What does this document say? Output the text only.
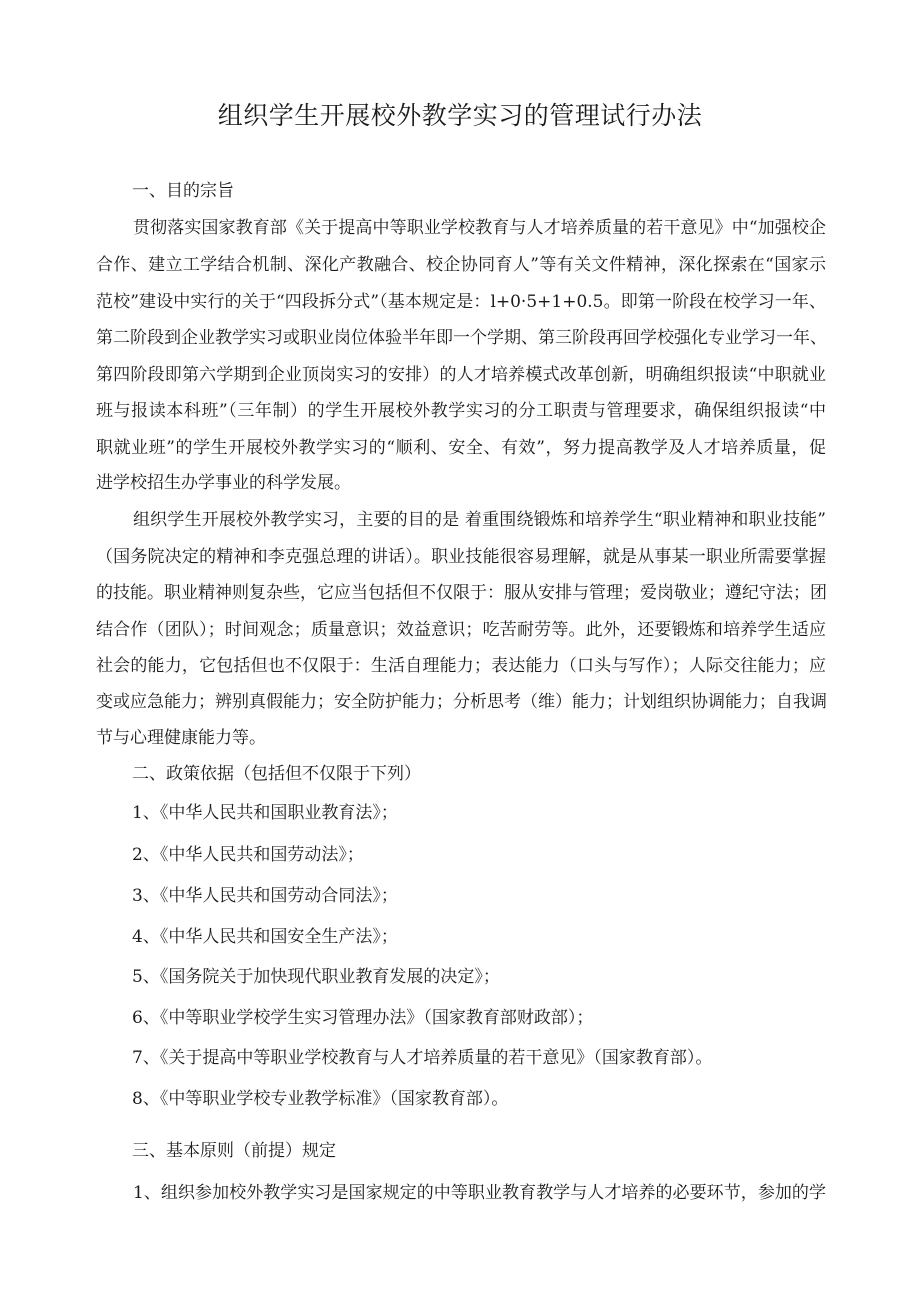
组织学生开展校外教学实习的管理试行办法

一、目的宗旨

贯彻落实国家教育部《关于提高中等职业学校教育与人才培养质量的若干意见》中“加强校企

合作、建立工学结合机制、深化产教融合、校企协同育人”等有关文件精神，深化探索在“国家示

范校”建设中实行的关于“四段拆分式”（基本规定是：l+0·5+1+0.5。即第一阶段在校学习一年、

第二阶段到企业教学实习或职业岗位体验半年即一个学期、第三阶段再回学校强化专业学习一年、

第四阶段即第六学期到企业顶岗实习的安排）的人才培养模式改革创新，明确组织报读“中职就业

班与报读本科班”（三年制）的学生开展校外教学实习的分工职责与管理要求，确保组织报读“中

职就业班”的学生开展校外教学实习的“顺利、安全、有效”，努力提高教学及人才培养质量，促

进学校招生办学事业的科学发展。

组织学生开展校外教学实习，主要的目的是 着重围绕锻炼和培养学生“职业精神和职业技能”

（国务院决定的精神和李克强总理的讲话）。职业技能很容易理解，就是从事某一职业所需要掌握

的技能。职业精神则复杂些，它应当包括但不仅限于：服从安排与管理；爱岗敬业；遵纪守法；团

结合作（团队）；时间观念；质量意识；效益意识；吃苦耐劳等。此外，还要锻炼和培养学生适应

社会的能力，它包括但也不仅限于：生活自理能力；表达能力（口头与写作）；人际交往能力；应

变或应急能力；辨别真假能力；安全防护能力；分析思考（维）能力；计划组织协调能力；自我调

节与心理健康能力等。

二、政策依据（包括但不仅限于下列）

1、《中华人民共和国职业教育法》；

2、《中华人民共和国劳动法》；

3、《中华人民共和国劳动合同法》；

4、《中华人民共和国安全生产法》；

5、《国务院关于加快现代职业教育发展的决定》；

6、《中等职业学校学生实习管理办法》（国家教育部财政部）；

7、《关于提高中等职业学校教育与人才培养质量的若干意见》（国家教育部）。

8、《中等职业学校专业教学标准》（国家教育部）。

三、基本原则（前提）规定

1、组织参加校外教学实习是国家规定的中等职业教育教学与人才培养的必要环节，参加的学
